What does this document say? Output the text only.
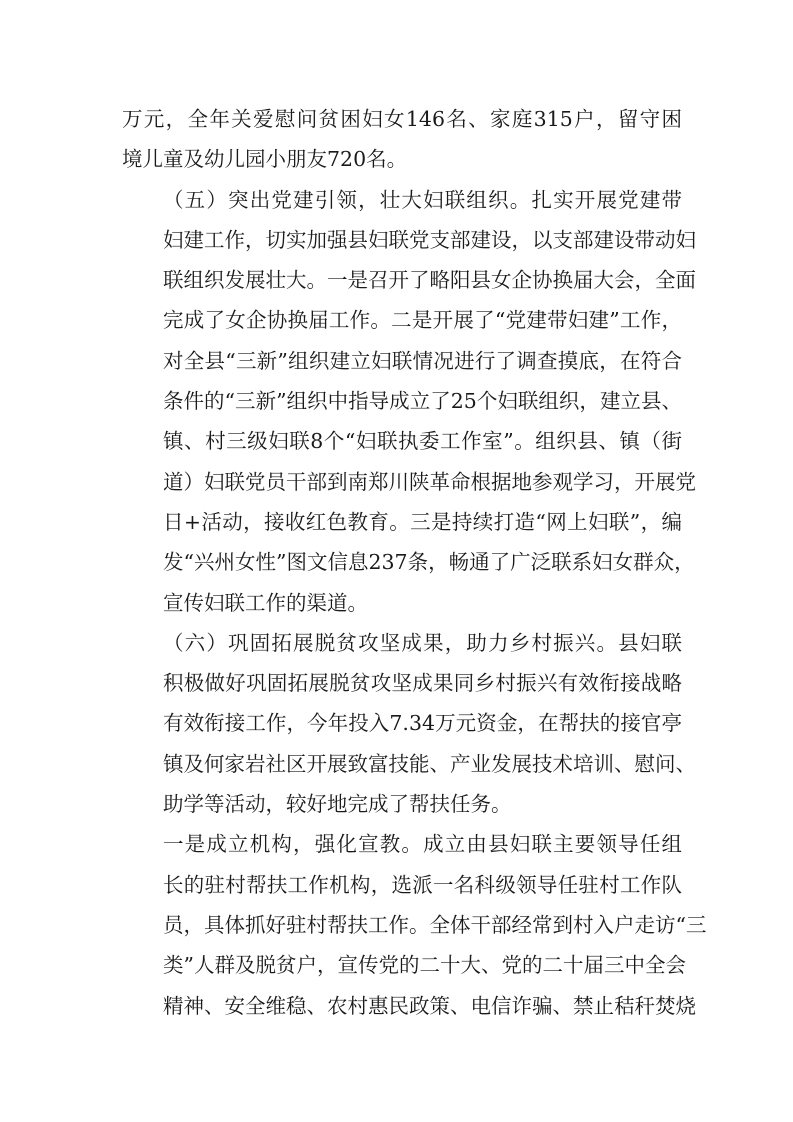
万元，全年关爱慰问贫困妇女146名、家庭315户，留守困
境儿童及幼儿园小朋友720名。
（五）突出党建引领，壮大妇联组织。扎实开展党建带
妇建工作，切实加强县妇联党支部建设，以支部建设带动妇
联组织发展壮大。一是召开了略阳县女企协换届大会，全面
完成了女企协换届工作。二是开展了“党建带妇建”工作，
对全县“三新”组织建立妇联情况进行了调查摸底，在符合
条件的“三新”组织中指导成立了25个妇联组织，建立县、
镇、村三级妇联8个“妇联执委工作室”。组织县、镇（街
道）妇联党员干部到南郑川陕革命根据地参观学习，开展党
日+活动，接收红色教育。三是持续打造“网上妇联”，编
发“兴州女性”图文信息237条，畅通了广泛联系妇女群众，
宣传妇联工作的渠道。
（六）巩固拓展脱贫攻坚成果，助力乡村振兴。县妇联
积极做好巩固拓展脱贫攻坚成果同乡村振兴有效衔接战略
有效衔接工作，今年投入7.34万元资金，在帮扶的接官亭
镇及何家岩社区开展致富技能、产业发展技术培训、慰问、
助学等活动，较好地完成了帮扶任务。
一是成立机构，强化宣教。成立由县妇联主要领导任组
长的驻村帮扶工作机构，选派一名科级领导任驻村工作队
员，具体抓好驻村帮扶工作。全体干部经常到村入户走访“三
类”人群及脱贫户，宣传党的二十大、党的二十届三中全会
精神、安全维稳、农村惠民政策、电信诈骗、禁止秸秆焚烧
